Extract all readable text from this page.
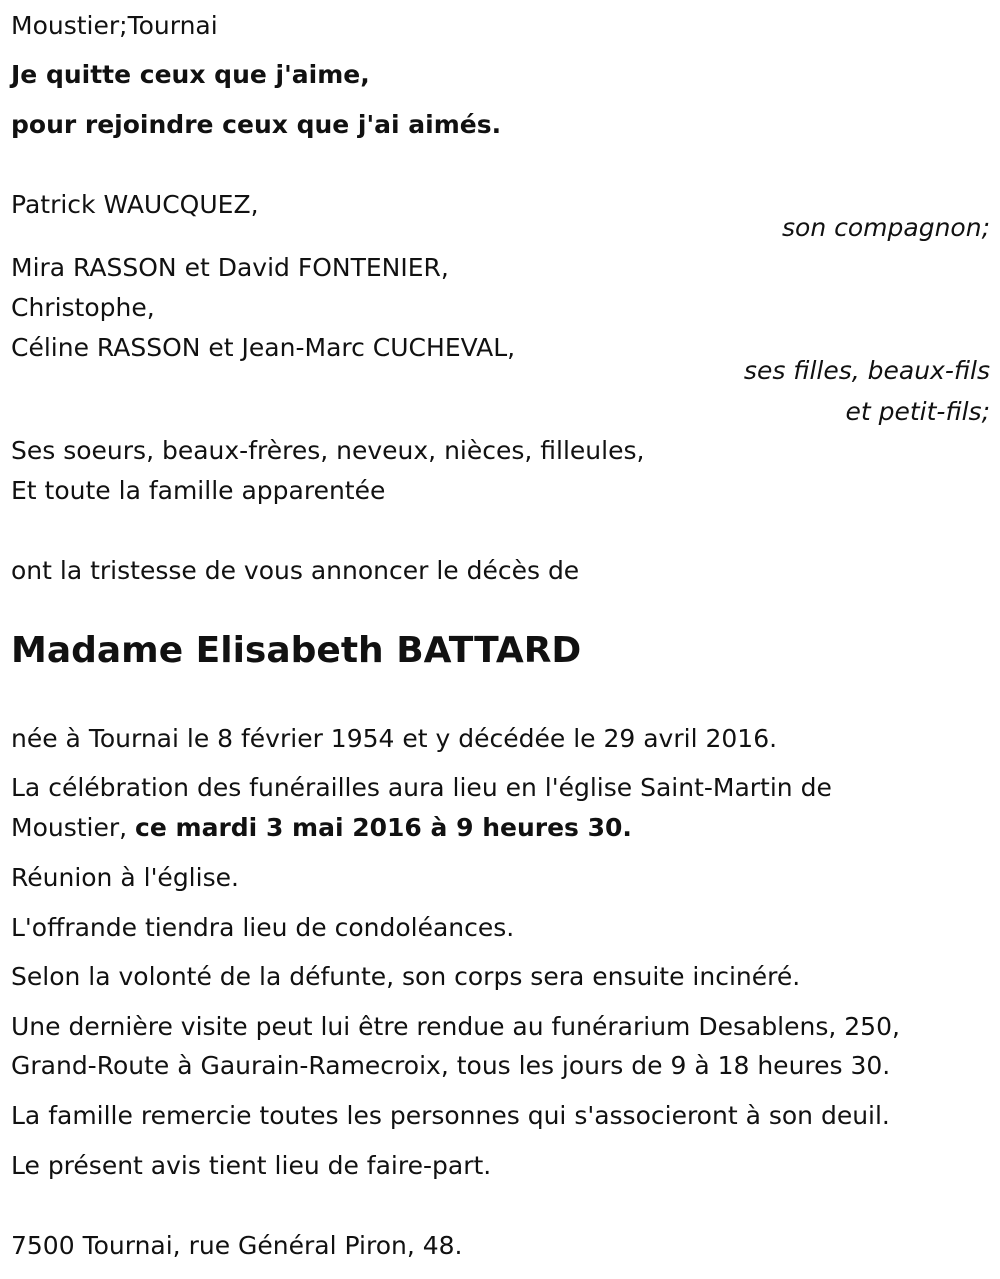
Moustier;Tournai
Je quitte ceux que j'aime,
pour rejoindre ceux que j'ai aimés.
Patrick WAUCQUEZ,
son compagnon;
Mira RASSON et David FONTENIER,
Christophe,
Céline RASSON et Jean-Marc CUCHEVAL,
ses filles, beaux-fils
et petit-fils;
Ses soeurs, beaux-frères, neveux, nièces, filleules,
Et toute la famille apparentée
ont la tristesse de vous annoncer le décès de
Madame Elisabeth BATTARD
née à Tournai le 8 février 1954 et y décédée le 29 avril 2016.
La célébration des funérailles aura lieu en l'église Saint-Martin de
Moustier, ce mardi 3 mai 2016 à 9 heures 30.
Réunion à l'église.
L'offrande tiendra lieu de condoléances.
Selon la volonté de la défunte, son corps sera ensuite incinéré.
Une dernière visite peut lui être rendue au funérarium Desablens, 250,
Grand-Route à Gaurain-Ramecroix, tous les jours de 9 à 18 heures 30.
La famille remercie toutes les personnes qui s'associeront à son deuil.
Le présent avis tient lieu de faire-part.
7500 Tournai, rue Général Piron, 48.
